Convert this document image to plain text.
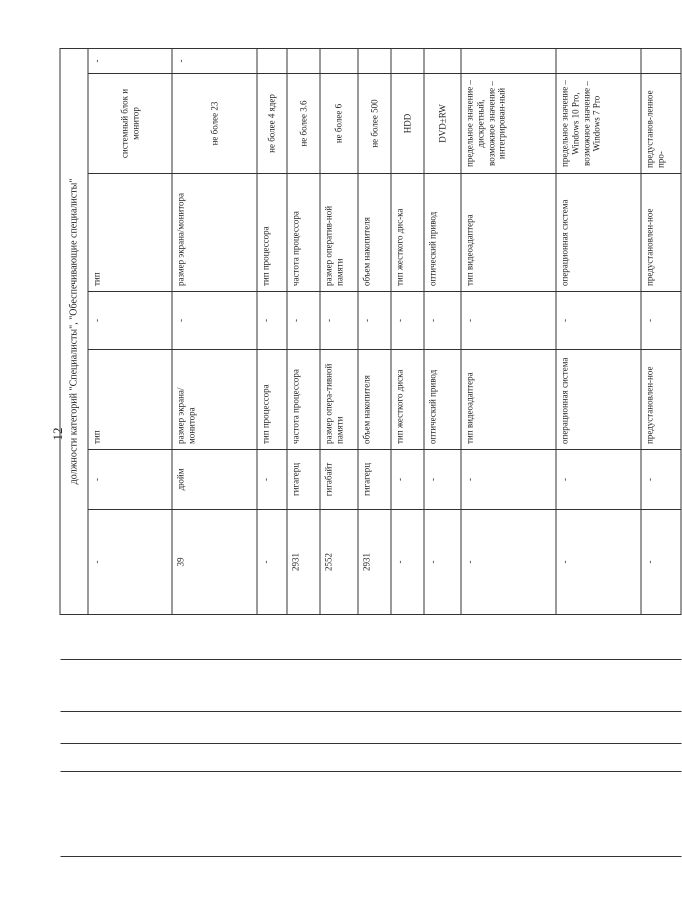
12
					должности категорий "Специалисты", "Обеспечивающие специалисты"						
					-	-	тип	-	тип	системный блок и монитор	-
					39	дюйм	размер экрана/монитора	-	размер экрана/монитора	не более 23	-
					-	-	тип процессора	-	тип процессора	не более 4 ядер	
					2931	гигагерц	частота процессора	-	частота процессора	не более 3.6	
					2552	гигабайт	размер опера-тивной памяти	-	размер оператив-ной памяти	не более 6	
					2931	гигагерц	объем накопителя	-	объем накопителя	не более 500	
					-	-	тип жесткого диска	-	тип жесткого дис-ка	HDD	
					-	-	оптический привод	-	оптический привод	DVD±RW	
					-	-	тип видеоадаптера	-	тип видеоадаптера	предельное значение – дискретный, возможное значение – интегрирован-ный	
					-	-	операционная система	-	операционная система	предельное значение – Windows 10 Pro, возможное значение – Windows 7 Pro	
					-	-	предустановлен-ное	-	предустановлен-ное	предустанов-ленное про-	
